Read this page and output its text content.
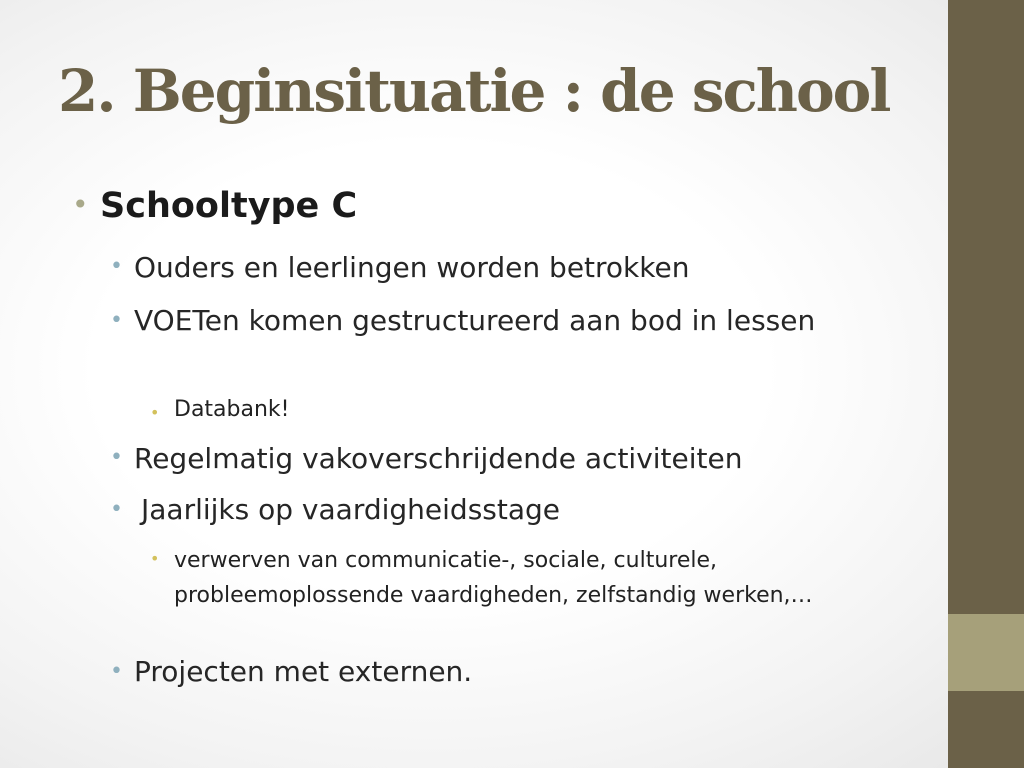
2. Beginsituatie : de school
• Schooltype C
• Ouders en leerlingen worden betrokken
• VOETen komen gestructureerd aan bod in lessen
• Databank!
• Regelmatig vakoverschrijdende activiteiten
• Jaarlijks op vaardigheidsstage
• verwerven van communicatie-, sociale, culturele, probleemoplossende vaardigheden, zelfstandig werken,…
• Projecten met externen.
